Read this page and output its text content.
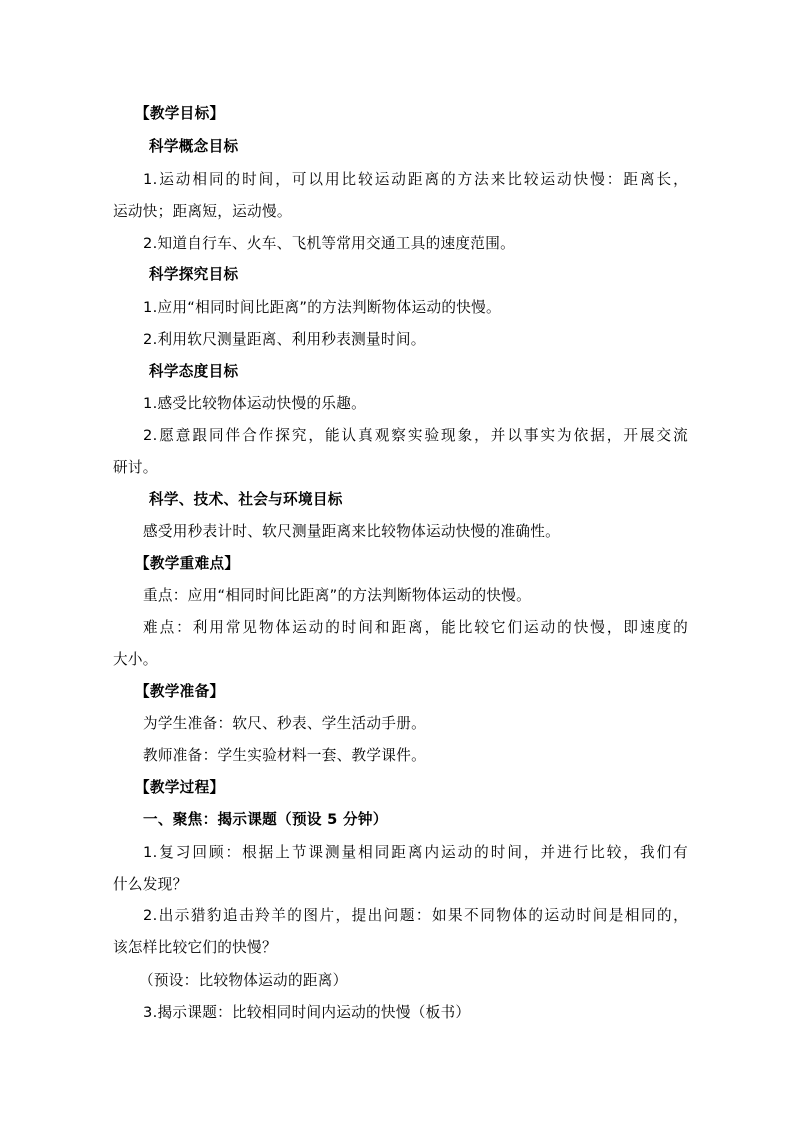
【教学目标】
科学概念目标
1.运动相同的时间，可以用比较运动距离的方法来比较运动快慢：距离长，
运动快；距离短，运动慢。
2.知道自行车、火车、飞机等常用交通工具的速度范围。
科学探究目标
1.应用“相同时间比距离”的方法判断物体运动的快慢。
2.利用软尺测量距离、利用秒表测量时间。
科学态度目标
1.感受比较物体运动快慢的乐趣。
2.愿意跟同伴合作探究，能认真观察实验现象，并以事实为依据，开展交流
研讨。
科学、技术、社会与环境目标
感受用秒表计时、软尺测量距离来比较物体运动快慢的准确性。
【教学重难点】
重点：应用“相同时间比距离”的方法判断物体运动的快慢。
难点：利用常见物体运动的时间和距离，能比较它们运动的快慢，即速度的
大小。
【教学准备】
为学生准备：软尺、秒表、学生活动手册。
教师准备：学生实验材料一套、教学课件。
【教学过程】
一、聚焦：揭示课题（预设 5 分钟）
1.复习回顾：根据上节课测量相同距离内运动的时间，并进行比较，我们有
什么发现？
2.出示猎豹追击羚羊的图片，提出问题：如果不同物体的运动时间是相同的，
该怎样比较它们的快慢？
（预设：比较物体运动的距离）
3.揭示课题：比较相同时间内运动的快慢（板书）
